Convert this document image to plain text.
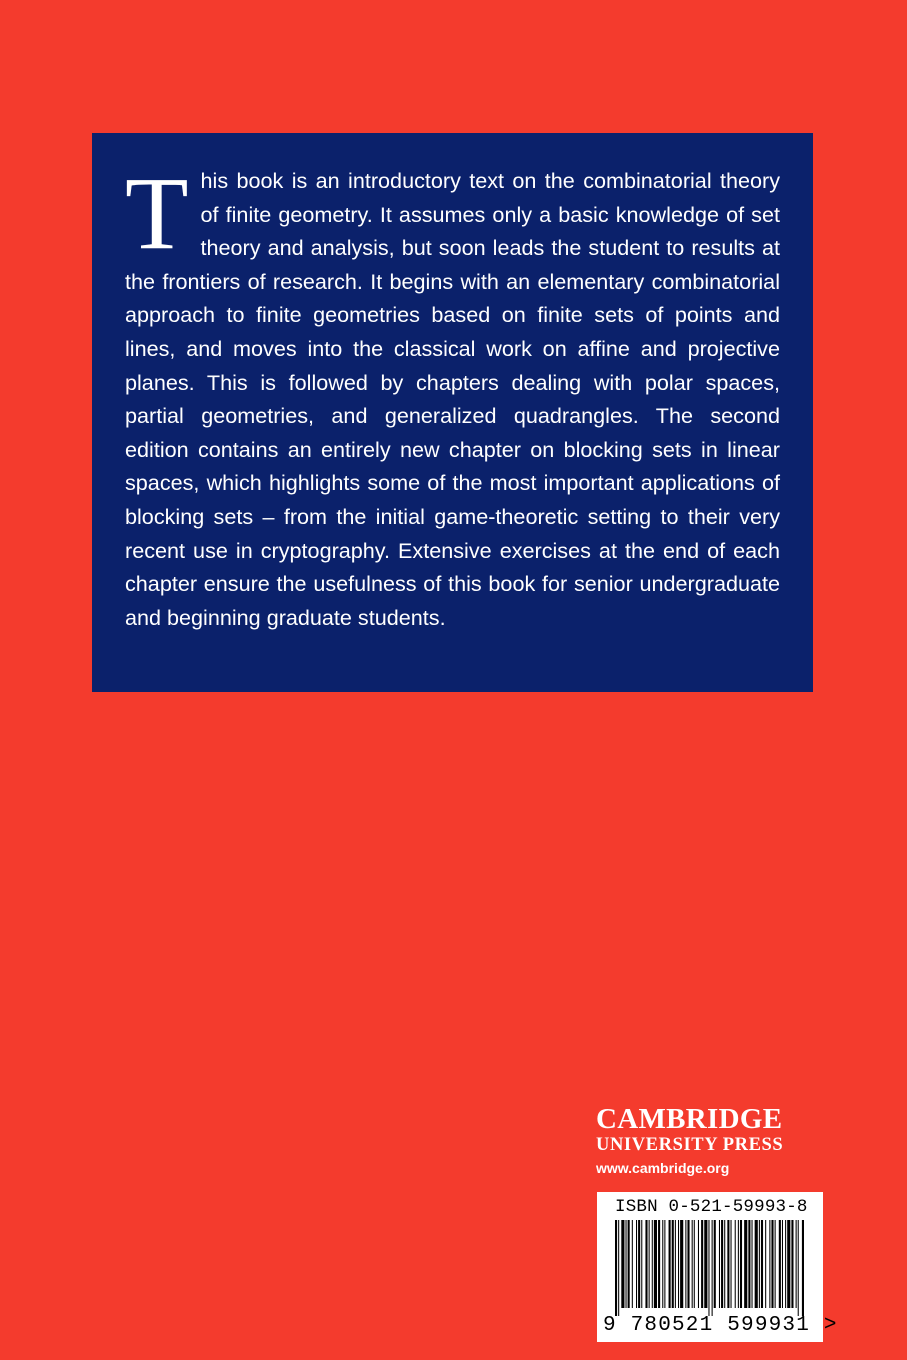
This book is an introductory text on the combinatorial theory of finite geometry. It assumes only a basic knowledge of set theory and analysis, but soon leads the student to results at the frontiers of research. It begins with an elementary combinatorial approach to finite geometries based on finite sets of points and lines, and moves into the classical work on affine and projective planes. This is followed by chapters dealing with polar spaces, partial geometries, and generalized quadrangles. The second edition contains an entirely new chapter on blocking sets in linear spaces, which highlights some of the most important applications of blocking sets – from the initial game-theoretic setting to their very recent use in cryptography. Extensive exercises at the end of each chapter ensure the usefulness of this book for senior undergraduate and beginning graduate students.

CAMBRIDGE
UNIVERSITY PRESS
www.cambridge.org
ISBN 0-521-59993-8
9 780521 599931 >
